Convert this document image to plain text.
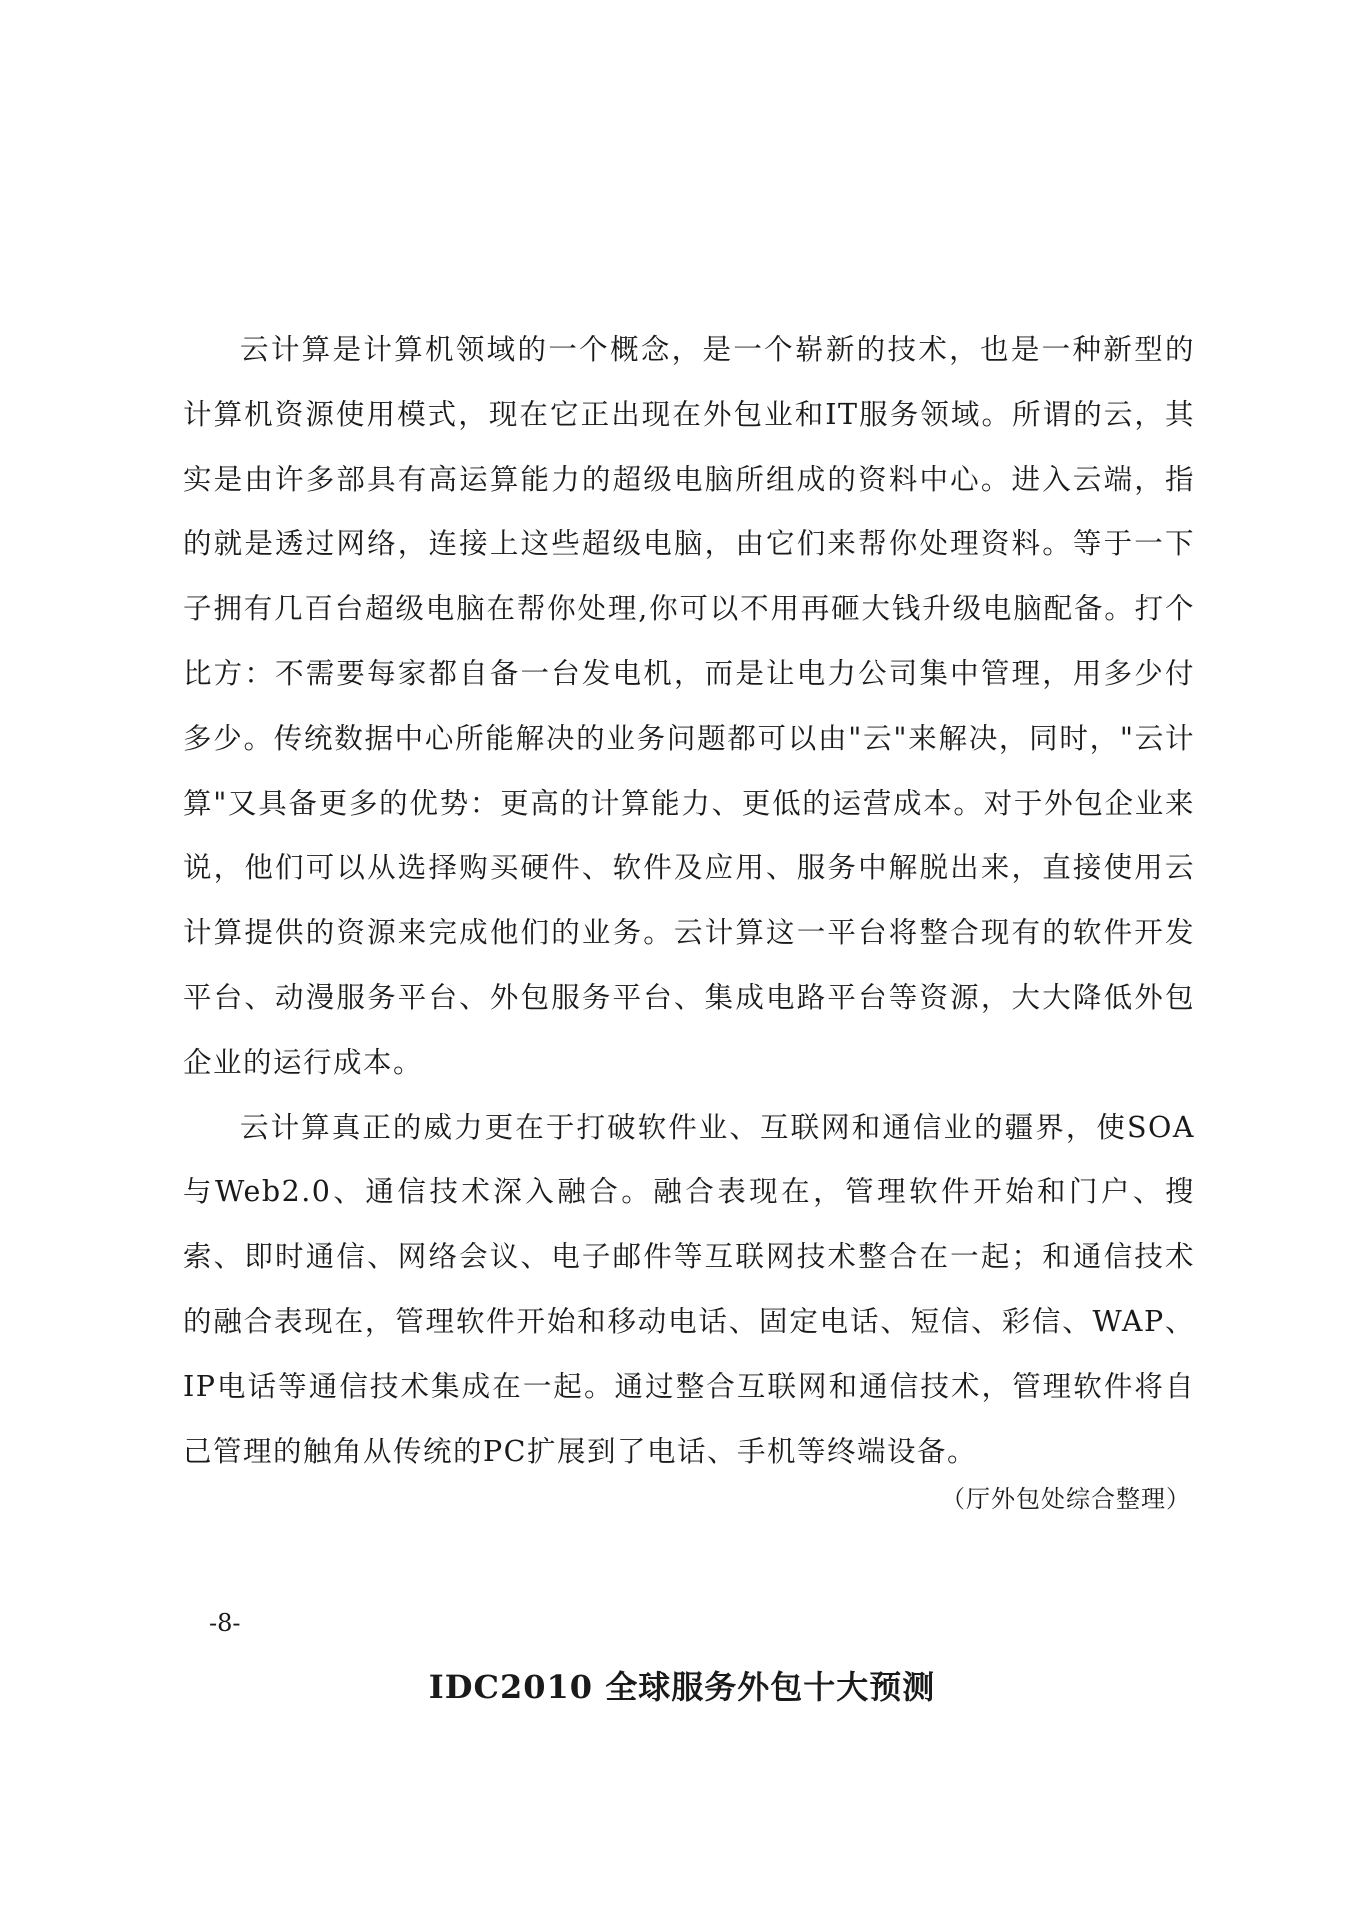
云计算是计算机领域的一个概念，是一个崭新的技术，也是一种新型的计算机资源使用模式，现在它正出现在外包业和IT服务领域。所谓的云，其实是由许多部具有高运算能力的超级电脑所组成的资料中心。进入云端，指的就是透过网络，连接上这些超级电脑，由它们来帮你处理资料。等于一下子拥有几百台超级电脑在帮你处理,你可以不用再砸大钱升级电脑配备。打个比方：不需要每家都自备一台发电机，而是让电力公司集中管理，用多少付多少。传统数据中心所能解决的业务问题都可以由"云"来解决，同时，"云计算"又具备更多的优势：更高的计算能力、更低的运营成本。对于外包企业来说，他们可以从选择购买硬件、软件及应用、服务中解脱出来，直接使用云计算提供的资源来完成他们的业务。云计算这一平台将整合现有的软件开发平台、动漫服务平台、外包服务平台、集成电路平台等资源，大大降低外包企业的运行成本。

云计算真正的威力更在于打破软件业、互联网和通信业的疆界，使SOA与Web2.0、通信技术深入融合。融合表现在，管理软件开始和门户、搜索、即时通信、网络会议、电子邮件等互联网技术整合在一起；和通信技术的融合表现在，管理软件开始和移动电话、固定电话、短信、彩信、WAP、IP电话等通信技术集成在一起。通过整合互联网和通信技术，管理软件将自己管理的触角从传统的PC扩展到了电话、手机等终端设备。

（厅外包处综合整理）

-8-

IDC2010 全球服务外包十大预测
